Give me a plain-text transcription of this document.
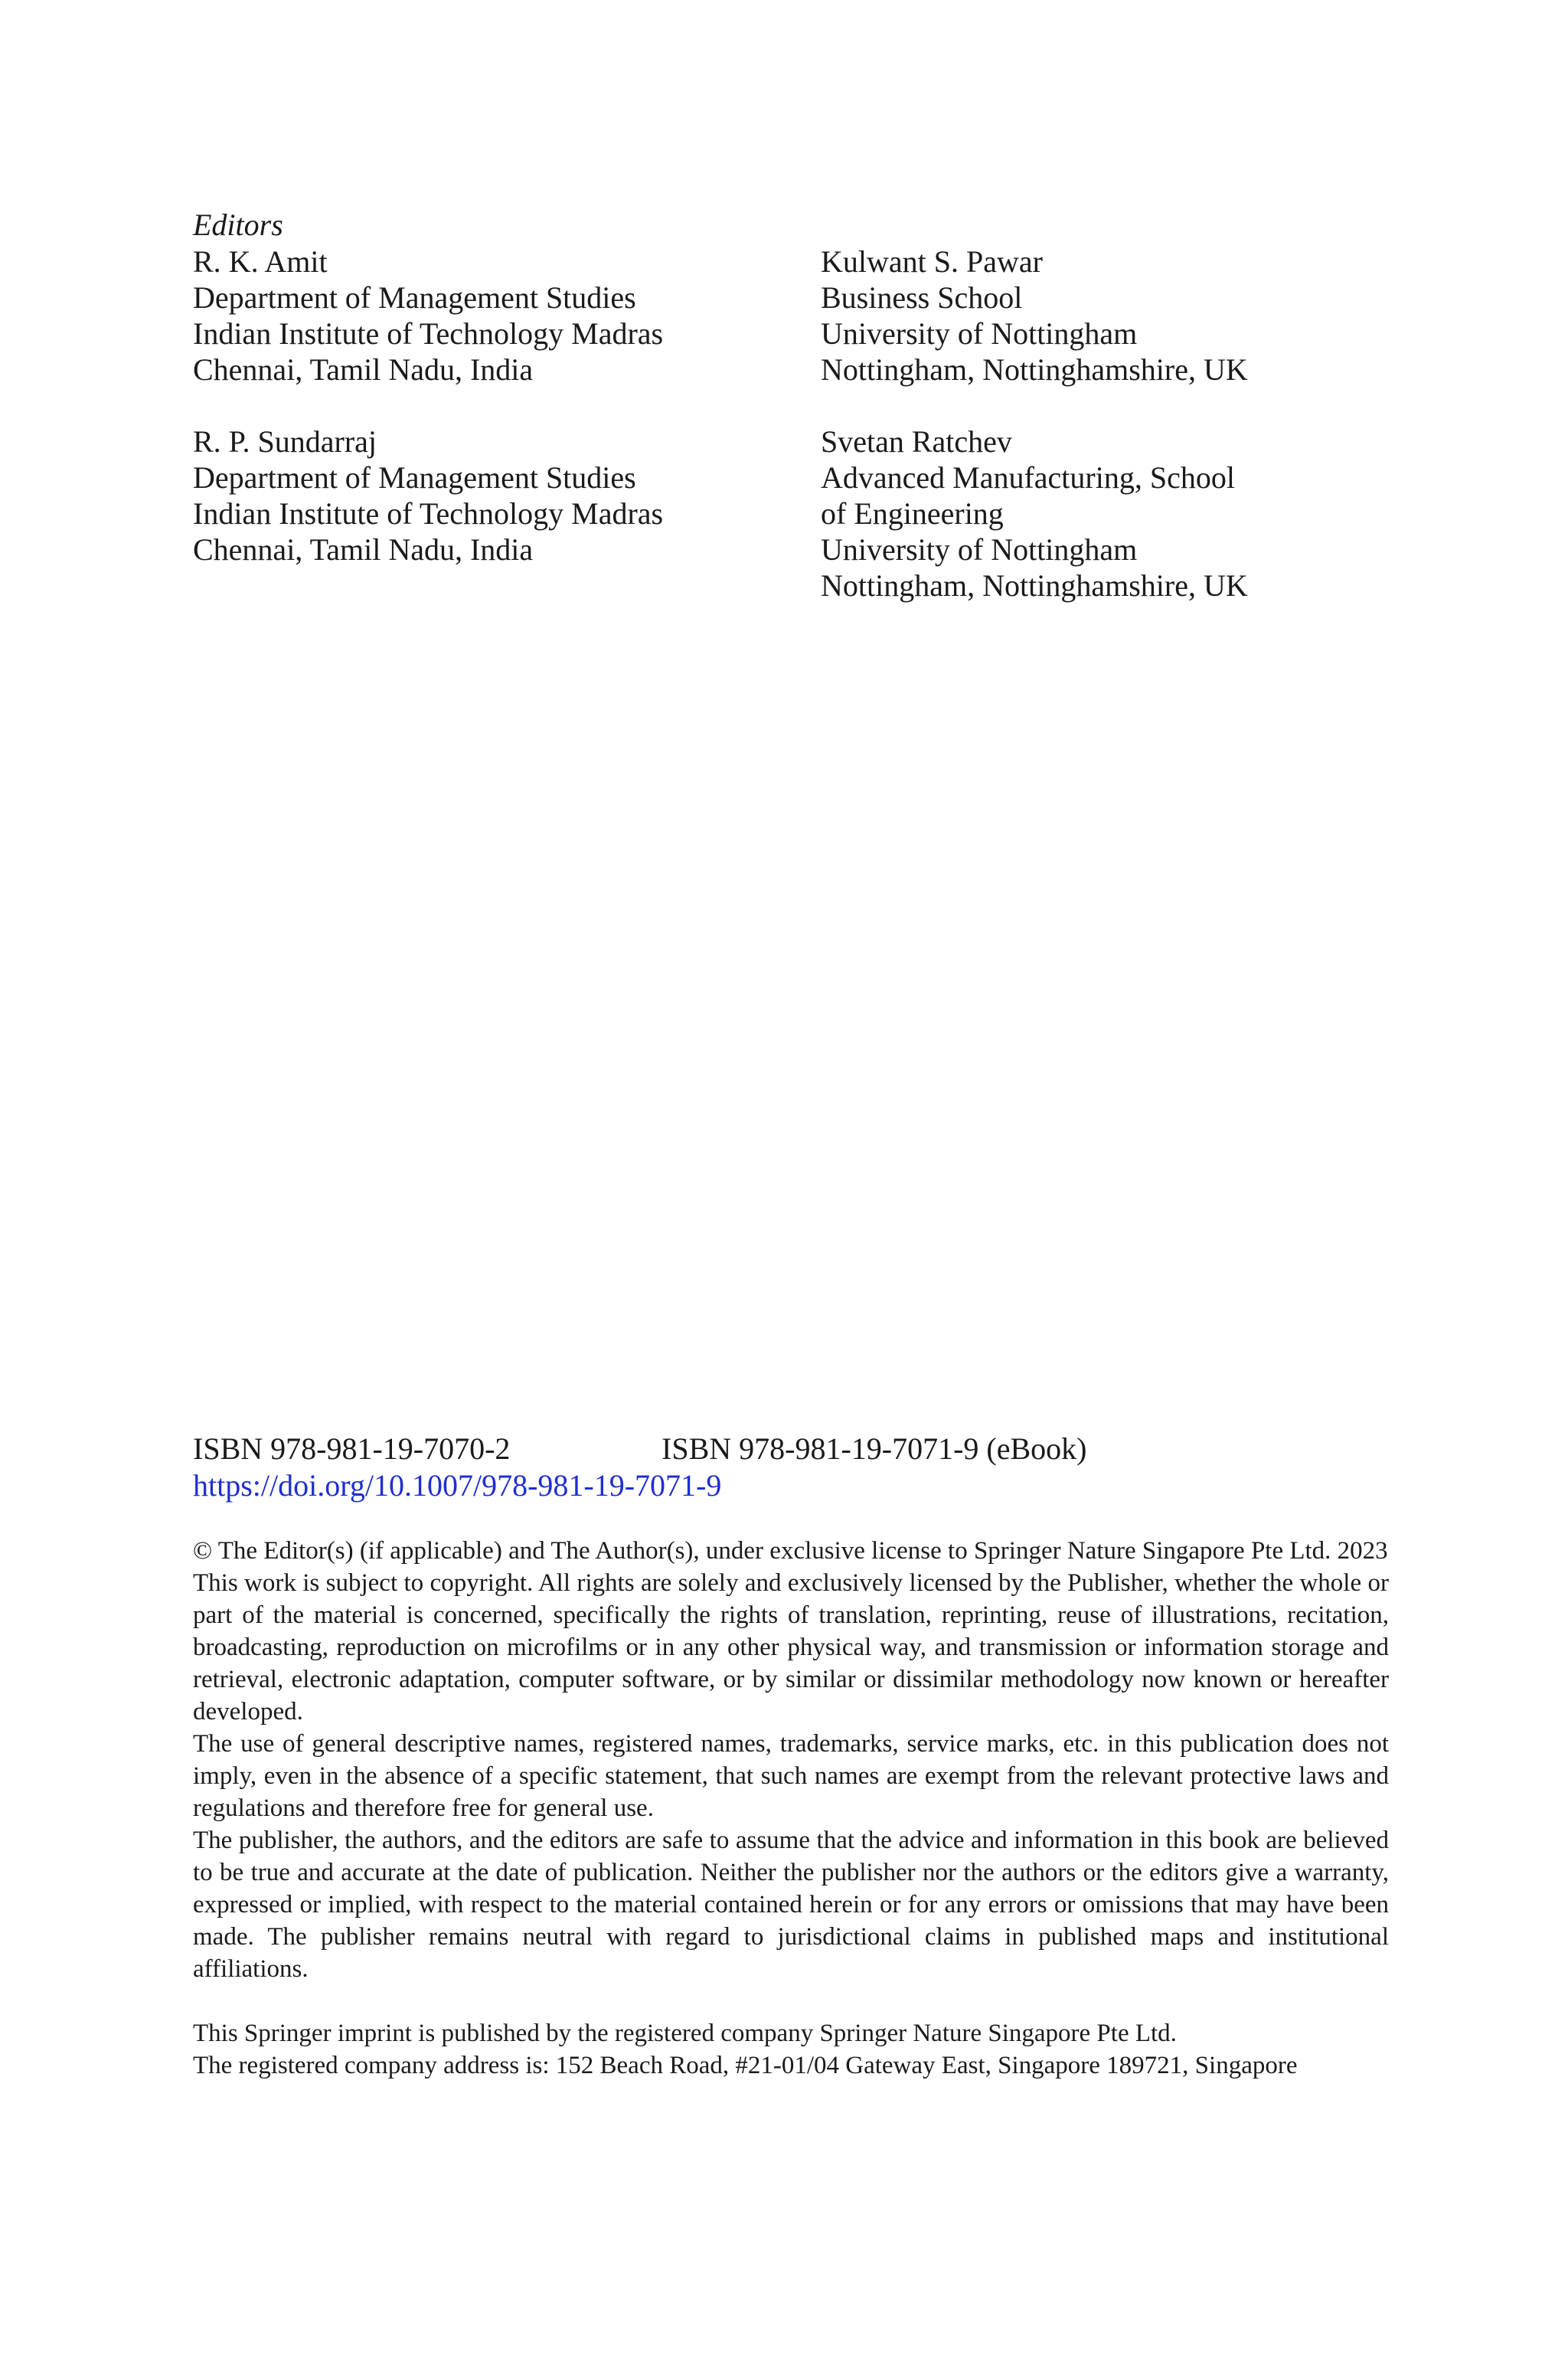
Editors
R. K. Amit
Department of Management Studies
Indian Institute of Technology Madras
Chennai, Tamil Nadu, India
R. P. Sundarraj
Department of Management Studies
Indian Institute of Technology Madras
Chennai, Tamil Nadu, India
Kulwant S. Pawar
Business School
University of Nottingham
Nottingham, Nottinghamshire, UK
Svetan Ratchev
Advanced Manufacturing, School
of Engineering
University of Nottingham
Nottingham, Nottinghamshire, UK
ISBN 978-981-19-7070-2	ISBN 978-981-19-7071-9 (eBook)
https://doi.org/10.1007/978-981-19-7071-9

© The Editor(s) (if applicable) and The Author(s), under exclusive license to Springer Nature Singapore Pte Ltd. 2023

This work is subject to copyright. All rights are solely and exclusively licensed by the Publisher, whether the whole or part of the material is concerned, specifically the rights of translation, reprinting, reuse of illustrations, recitation, broadcasting, reproduction on microfilms or in any other physical way, and transmission or information storage and retrieval, electronic adaptation, computer software, or by similar or dissimilar methodology now known or hereafter developed.

The use of general descriptive names, registered names, trademarks, service marks, etc. in this publication does not imply, even in the absence of a specific statement, that such names are exempt from the relevant protective laws and regulations and therefore free for general use.

The publisher, the authors, and the editors are safe to assume that the advice and information in this book are believed to be true and accurate at the date of publication. Neither the publisher nor the authors or the editors give a warranty, expressed or implied, with respect to the material contained herein or for any errors or omissions that may have been made. The publisher remains neutral with regard to jurisdictional claims in published maps and institutional affiliations.

This Springer imprint is published by the registered company Springer Nature Singapore Pte Ltd.

The registered company address is: 152 Beach Road, #21-01/04 Gateway East, Singapore 189721, Singapore
